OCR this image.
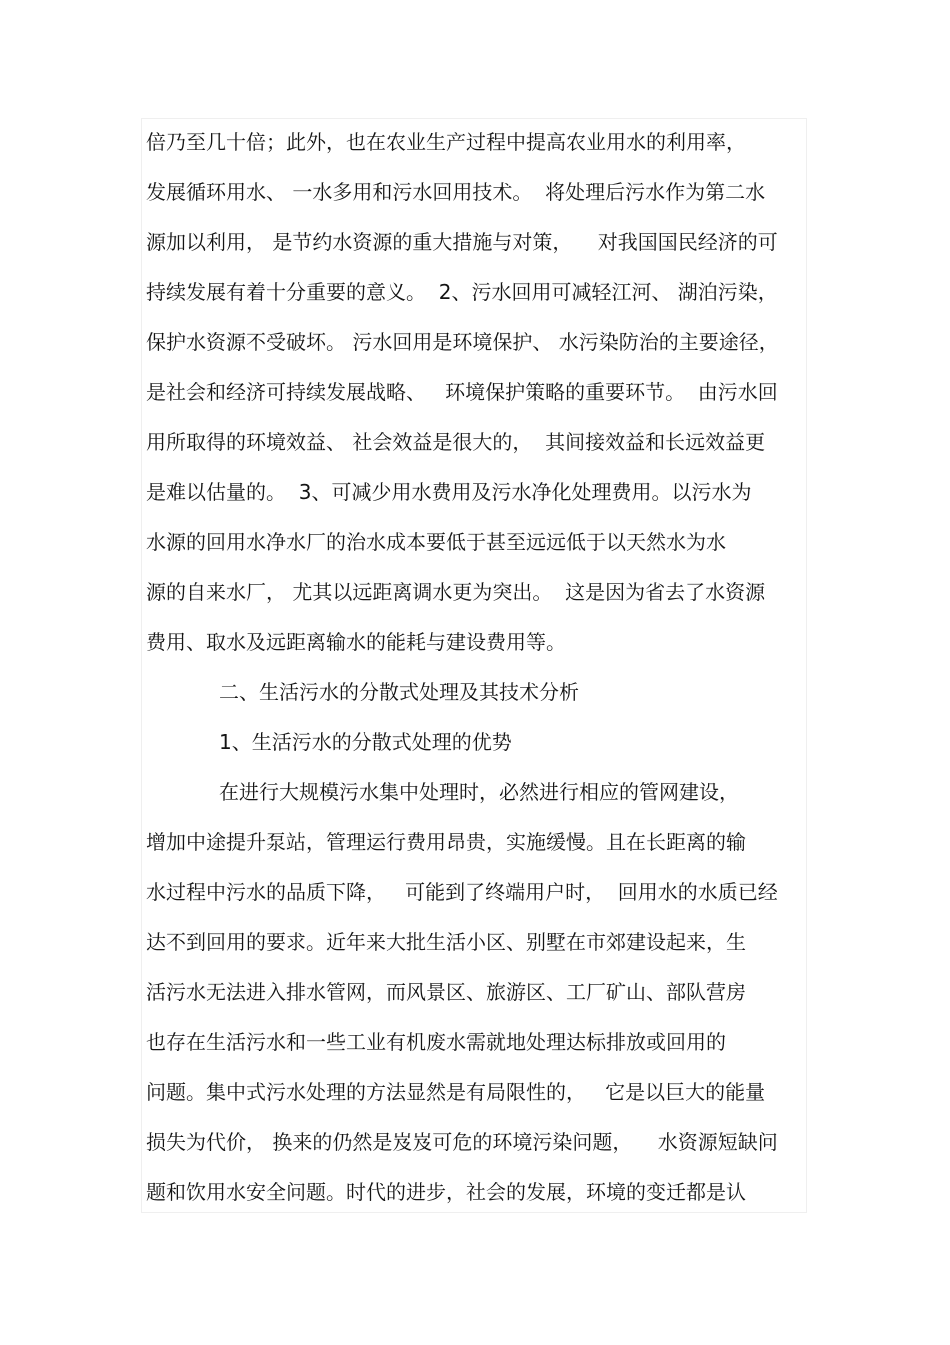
倍乃至几十倍；此外，也在农业生产过程中提高农业用水的利用率，
发展循环用水、 一水多用和污水回用技术。  将处理后污水作为第二水
源加以利用， 是节约水资源的重大措施与对策，    对我国国民经济的可
持续发展有着十分重要的意义。  2、污水回用可减轻江河、 湖泊污染，
保护水资源不受破坏。 污水回用是环境保护、 水污染防治的主要途径，
是社会和经济可持续发展战略、   环境保护策略的重要环节。  由污水回
用所取得的环境效益、 社会效益是很大的，  其间接效益和长远效益更
是难以估量的。  3、可减少用水费用及污水净化处理费用。以污水为
水源的回用水净水厂的治水成本要低于甚至远远低于以天然水为水
源的自来水厂， 尤其以远距离调水更为突出。  这是因为省去了水资源
费用、取水及远距离输水的能耗与建设费用等。
二、生活污水的分散式处理及其技术分析
1、生活污水的分散式处理的优势
在进行大规模污水集中处理时，必然进行相应的管网建设，
增加中途提升泵站，管理运行费用昂贵，实施缓慢。且在长距离的输
水过程中污水的品质下降，   可能到了终端用户时，  回用水的水质已经
达不到回用的要求。近年来大批生活小区、别墅在市郊建设起来，生
活污水无法进入排水管网，而风景区、旅游区、工厂矿山、部队营房
也存在生活污水和一些工业有机废水需就地处理达标排放或回用的
问题。集中式污水处理的方法显然是有局限性的，   它是以巨大的能量
损失为代价， 换来的仍然是岌岌可危的环境污染问题，    水资源短缺问
题和饮用水安全问题。时代的进步，社会的发展，环境的变迁都是认
